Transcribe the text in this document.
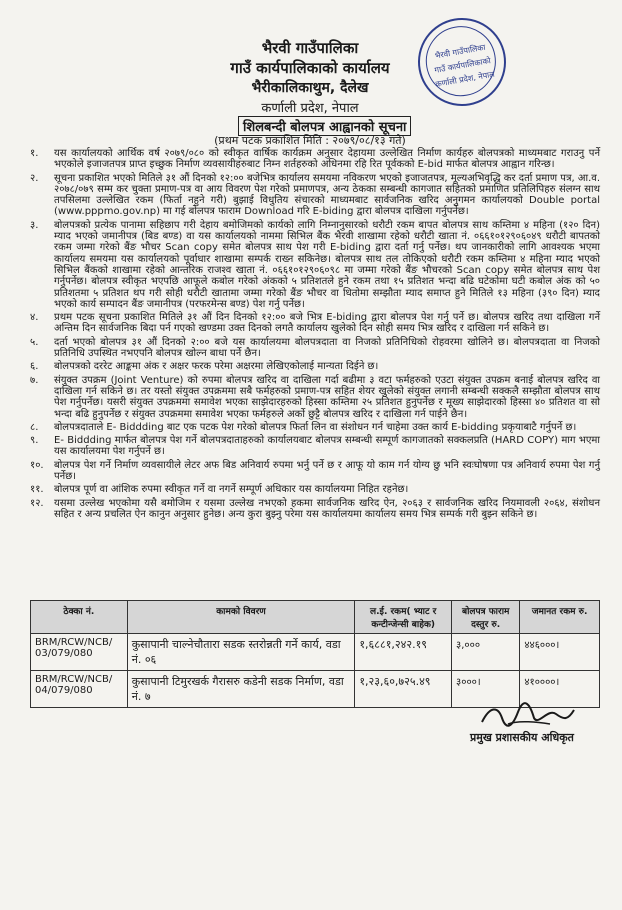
भैरवी गाउँपालिका
गाउँ कार्यपालिकाको कार्यालय
भैरीकालिकाथुम, दैलेख
कर्णाली प्रदेश, नेपाल
भैरवी गाउँपालिका
गाउँ कार्यपालिकाको
कर्णाली प्रदेश, नेपाल
शिलबन्दी बोलपत्र आह्वानको सूचना
(प्रथम पटक प्रकाशित मिति : २०७९/०८/१३ गते)
१.	यस कार्यालयको आर्थिक वर्ष २०७९/०८० को स्वीकृत वार्षिक कार्यक्रम अनुसार देहायमा उल्लेखित निर्माण कार्यहरु बोलपत्रको माध्यमबाट गराउनु पर्ने भएकोले इजाजतपत्र प्राप्त इच्छुक निर्माण व्यवसायीहरुबाट निम्न शर्तहरुको अधिनमा रहि रित पूर्वकको E-bid मार्फत बोलपत्र आह्वान गरिन्छ।
२.	सूचना प्रकाशित भएको मितिले ३१ औं दिनको १२:०० बजेभित्र कार्यालय समयमा नविकरण भएको इजाजतपत्र, मूल्यअभिवृद्धि कर दर्ता प्रमाण पत्र, आ.व. २०७८/०७९ सम्म कर चुक्ता प्रमाण-पत्र वा आय विवरण पेश गरेको प्रमाणपत्र, अन्य ठेकका सम्बन्धी कागजात सहितको प्रमाणित प्रतिलिपिहरु संलग्न साथ तपसिलमा उल्लेखित रकम (फिर्ता नहुने गरी) बुझाई विधुतिय संचारको माध्यमबाट सार्वजनिक खरिद अनुगमन कार्यालयको Double portal (www.pppmo.gov.np) मा गई बोलपत्र फाराम Download गरि E-biding द्वारा बोलपत्र दाखिला गर्नुपर्नेछ।
३.	बोलपत्रको प्रत्येक पानामा सहिछाप गरी देहाय बमोजिमको कार्यको लागि निम्नानुसारको धरौटी रकम बापत बोलपत्र साथ कम्तिमा ४ महिना (१२० दिन) म्याद भएको जमानीपत्र (बिड बण्ड) वा यस कार्यालयको नाममा सिभिल बैंक भैरवी शाखामा रहेको धरौटी खाता नं. ०६६१०१२९०६०४९ धरौटी बापतको रकम जम्मा गरेको बैंङ भौचर Scan copy समेत बोलपत्र साथ पेश गरी E-biding द्वारा दर्ता गर्नु पर्नेछ। थप जानकारीको लागि आवश्यक भएमा कार्यालय समयमा यस कार्यालयको पूर्वाधार शाखामा सम्पर्क राख्न सकिनेछ। बोलपत्र साथ तल तोकिएको धरौटी रकम कम्तिमा ४ महिना म्याद भएको सिभिल बैंकको शाखामा रहेको आन्तरिक राजश्व खाता नं. ०६६१०१२९०६०९८ मा जम्मा गरेको बैंङ भौचरको Scan copy समेत बोलपत्र साथ पेश गर्नुपर्नेछ। बोलपत्र स्वीकृत भएपछि आफूले कबोल गरेको अंकको ५ प्रतिशतले हुने रकम तथा १५ प्रतिशत भन्दा बढि घटेकोमा घटी कबोल अंक को ५० प्रतिशतमा ५ प्रतिशत थप गरी सोही धरौटी खातामा जम्मा गरेको बैंङ भौचर वा धितोमा सम्झौता म्याद समाप्त हुने मितिले १३ महिना (३९० दिन) म्याद भएको कार्य सम्पादन बैंङ जमानीपत्र (परफरमेन्स बण्ड) पेश गर्नु पर्नेछ।
४.	प्रथम पटक सूचना प्रकाशित मितिले ३१ औं दिन दिनको १२:०० बजे भित्र E-biding द्वारा बोलपत्र पेश गर्नु पर्ने छ। बोलपत्र खरिद तथा दाखिला गर्ने अन्तिम दिन सार्वजनिक बिदा पर्न गएको खण्डमा उक्त दिनको लगतै कार्यालय खुलेको दिन सोही समय भित्र खरिद र दाखिला गर्न सकिने छ।
५.	दर्ता भएको बोलपत्र ३१ औं दिनको २:०० बजे यस कार्यालयमा बोलपत्रदाता वा निजको प्रतिनिधिको रोहवरमा खोलिने छ। बोलपत्रदाता वा निजको प्रतिनिधि उपस्थित नभएपनि बोलपत्र खोल्न बाधा पर्ने छैन।
६.	बोलपत्रको दररेट आङ्कमा अंक र अक्षर फरक परेमा अक्षरमा लेखिएकोलाई मान्यता दिईने छ।
७.	संयुक्त उपक्रम (Joint Venture) को रुपमा बोलपत्र खरिद वा दाखिला गर्दा बढीमा ३ वटा फर्महरुको एउटा संयुक्त उपक्रम बनाई बोलपत्र खरिद वा दाखिला गर्न सकिने छ। तर यस्तो संयुक्त उपक्रममा सबै फर्महरुको प्रमाण-पत्र सहित शेयर खुलेको संयुक्त लगानी सम्बन्धी सक्कलै सम्झौता बोलपत्र साथ पेश गर्नुपर्नेछ। यसरी संयुक्त उपक्रममा समावेश भएका साझेदारहरुको हिस्सा कम्तिमा २५ प्रतिशत हुनुपर्नेछ र मूख्य साझेदारको हिस्सा ४० प्रतिशत वा सो भन्दा बढि हुनुपर्नेछ र संयुक्त उपक्रममा समावेश भएका फर्महरुले अर्को छुट्टै बोलपत्र खरिद र दाखिला गर्न पाईने छैन।
८.	बोलपत्रदाताले E- Biddding बाट एक पटक पेश गरेको बोलपत्र फिर्ता लिन वा संशोधन गर्न चाहेमा उक्त कार्य E-bidding प्रकृयाबाटै गर्नुपर्ने छ।
९.	E- Biddding मार्फत बोलपत्र पेश गर्ने बोलपत्रदाताहरुको कार्यालयबाट बोलपत्र सम्बन्धी सम्पूर्ण कागजातको सक्कलप्रति (HARD COPY) माग भएमा यस कार्यालयमा पेश गर्नुपर्ने छ।
१०.	बोलपत्र पेश गर्ने निर्माण व्यवसायीले लेटर अफ बिड अनिवार्य रुपमा भर्नु पर्ने छ र आफू यो काम गर्न योग्य छु भनि स्वःघोषणा पत्र अनिवार्य रुपमा पेश गर्नु पर्नेछ।
११.	बोलपत्र पूर्ण वा आंशिक रुपमा स्वीकृत गर्ने वा नगर्ने सम्पूर्ण अधिकार यस कार्यालयमा निहित रहनेछ।
१२.	यसमा उल्लेख भएकोमा यसै बमोजिम र यसमा उल्लेख नभएको हकमा सार्वजनिक खरिद ऐन, २०६३ र सार्वजनिक खरिद नियमावली २०६४, संशोधन सहित र अन्य प्रचलित ऐन कानुन अनुसार हुनेछ। अन्य कुरा बुझ्नु परेमा यस कार्यालयमा कार्यालय समय भित्र सम्पर्क गरी बुझ्न सकिने छ।
ठेक्का नं.	कामको विवरण	ल.ई. रकम( भ्याट र कन्टीन्जेन्सी बाहेक)	बोलपत्र फाराम दस्तुर रु.	जमानत रकम रु.
BRM/RCW/NCB/ 03/079/080	कुसापानी चाल्नेचौतारा सडक स्तरोन्नती गर्ने कार्य, वडा नं. ०६	१,६८८१,२४२.१९	३,०००	४४६०००।
BRM/RCW/NCB/ 04/079/080	कुसापानी टिमुरखर्क गैरासरु कडेनी सडक निर्माण, वडा नं. ७	१,२३,६०,७२५.४९	३०००।	४१००००।
प्रमुख प्रशासकीय अधिकृत
